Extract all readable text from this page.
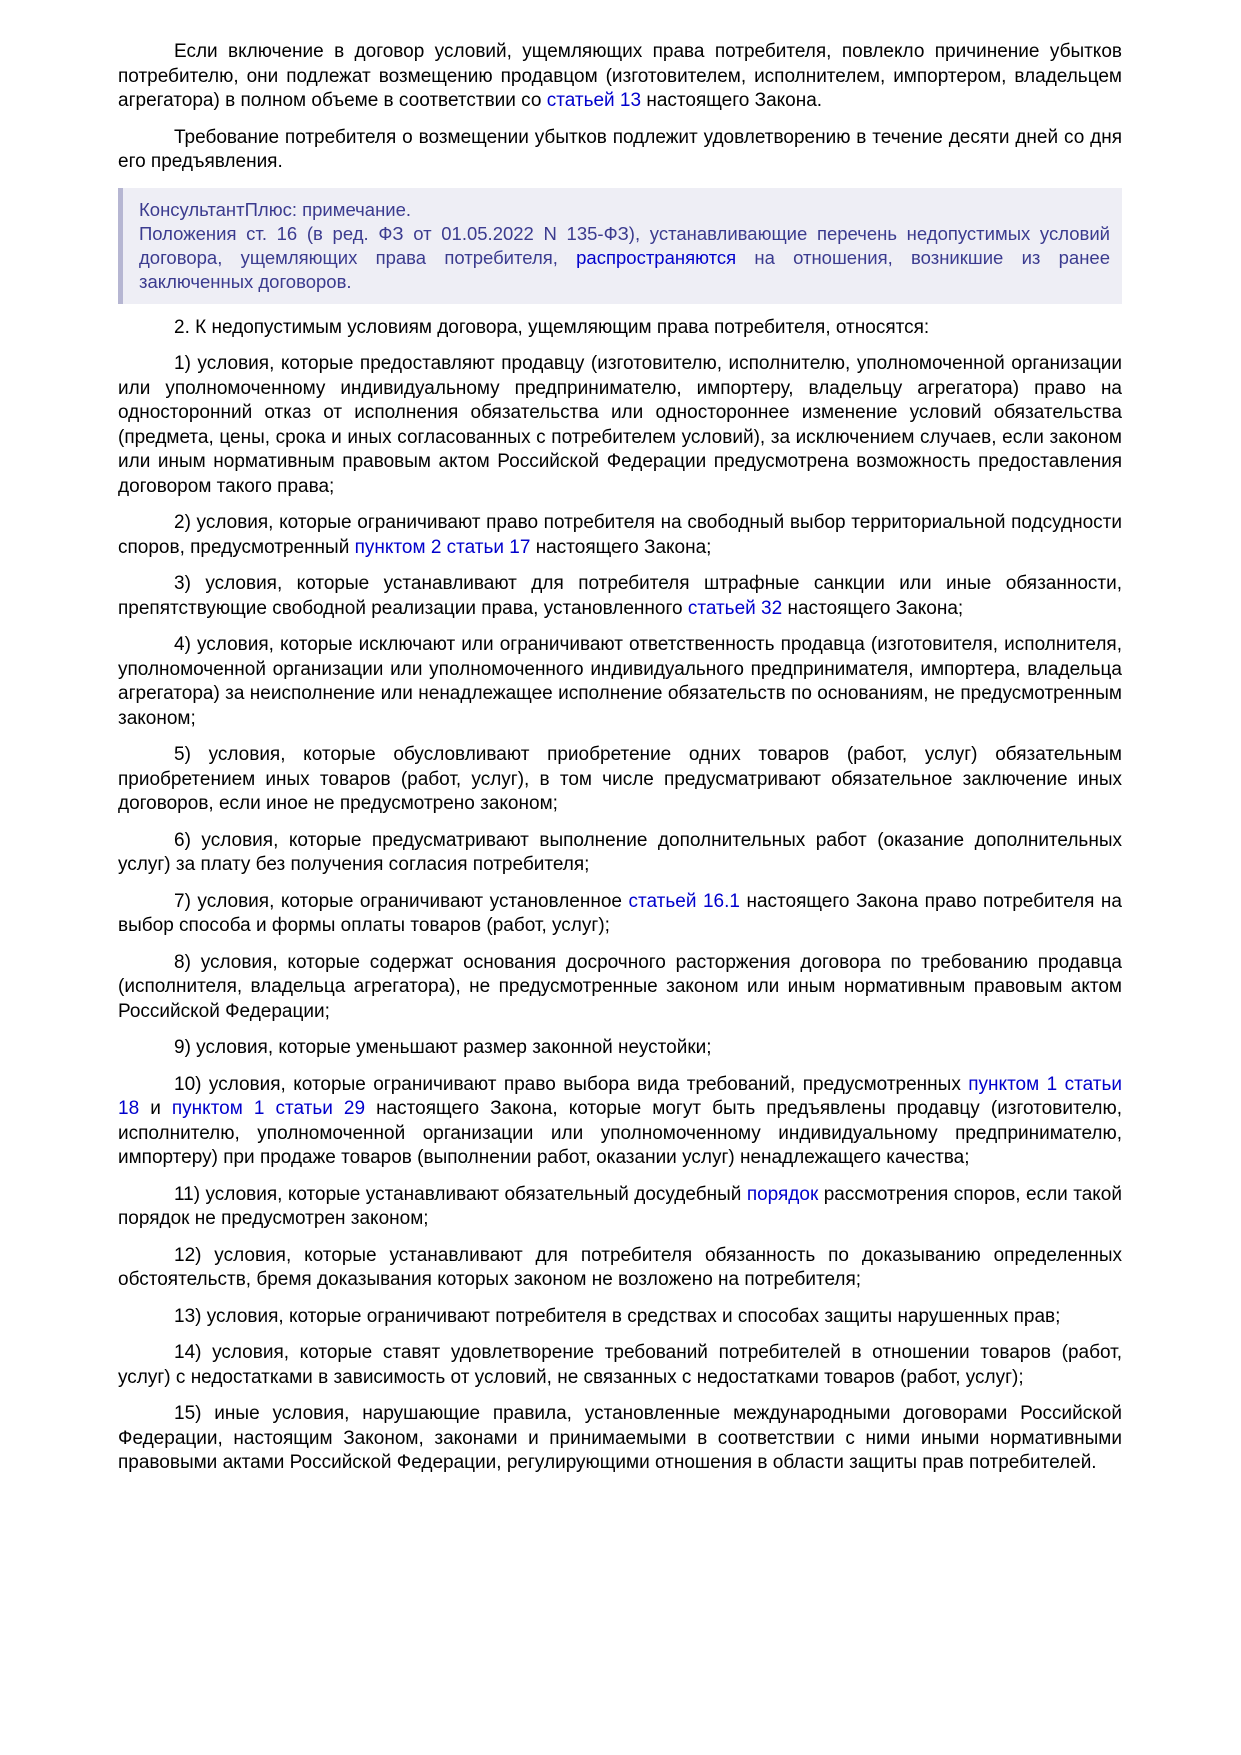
Если включение в договор условий, ущемляющих права потребителя, повлекло причинение убытков потребителю, они подлежат возмещению продавцом (изготовителем, исполнителем, импортером, владельцем агрегатора) в полном объеме в соответствии со статьей 13 настоящего Закона.

Требование потребителя о возмещении убытков подлежит удовлетворению в течение десяти дней со дня его предъявления.

КонсультантПлюс: примечание.
Положения ст. 16 (в ред. ФЗ от 01.05.2022 N 135-ФЗ), устанавливающие перечень недопустимых условий договора, ущемляющих права потребителя, распространяются на отношения, возникшие из ранее заключенных договоров.

2. К недопустимым условиям договора, ущемляющим права потребителя, относятся:

1) условия, которые предоставляют продавцу (изготовителю, исполнителю, уполномоченной организации или уполномоченному индивидуальному предпринимателю, импортеру, владельцу агрегатора) право на односторонний отказ от исполнения обязательства или одностороннее изменение условий обязательства (предмета, цены, срока и иных согласованных с потребителем условий), за исключением случаев, если законом или иным нормативным правовым актом Российской Федерации предусмотрена возможность предоставления договором такого права;

2) условия, которые ограничивают право потребителя на свободный выбор территориальной подсудности споров, предусмотренный пунктом 2 статьи 17 настоящего Закона;

3) условия, которые устанавливают для потребителя штрафные санкции или иные обязанности, препятствующие свободной реализации права, установленного статьей 32 настоящего Закона;

4) условия, которые исключают или ограничивают ответственность продавца (изготовителя, исполнителя, уполномоченной организации или уполномоченного индивидуального предпринимателя, импортера, владельца агрегатора) за неисполнение или ненадлежащее исполнение обязательств по основаниям, не предусмотренным законом;

5) условия, которые обусловливают приобретение одних товаров (работ, услуг) обязательным приобретением иных товаров (работ, услуг), в том числе предусматривают обязательное заключение иных договоров, если иное не предусмотрено законом;

6) условия, которые предусматривают выполнение дополнительных работ (оказание дополнительных услуг) за плату без получения согласия потребителя;

7) условия, которые ограничивают установленное статьей 16.1 настоящего Закона право потребителя на выбор способа и формы оплаты товаров (работ, услуг);

8) условия, которые содержат основания досрочного расторжения договора по требованию продавца (исполнителя, владельца агрегатора), не предусмотренные законом или иным нормативным правовым актом Российской Федерации;

9) условия, которые уменьшают размер законной неустойки;

10) условия, которые ограничивают право выбора вида требований, предусмотренных пунктом 1 статьи 18 и пунктом 1 статьи 29 настоящего Закона, которые могут быть предъявлены продавцу (изготовителю, исполнителю, уполномоченной организации или уполномоченному индивидуальному предпринимателю, импортеру) при продаже товаров (выполнении работ, оказании услуг) ненадлежащего качества;

11) условия, которые устанавливают обязательный досудебный порядок рассмотрения споров, если такой порядок не предусмотрен законом;

12) условия, которые устанавливают для потребителя обязанность по доказыванию определенных обстоятельств, бремя доказывания которых законом не возложено на потребителя;

13) условия, которые ограничивают потребителя в средствах и способах защиты нарушенных прав;

14) условия, которые ставят удовлетворение требований потребителей в отношении товаров (работ, услуг) с недостатками в зависимость от условий, не связанных с недостатками товаров (работ, услуг);

15) иные условия, нарушающие правила, установленные международными договорами Российской Федерации, настоящим Законом, законами и принимаемыми в соответствии с ними иными нормативными правовыми актами Российской Федерации, регулирующими отношения в области защиты прав потребителей.
